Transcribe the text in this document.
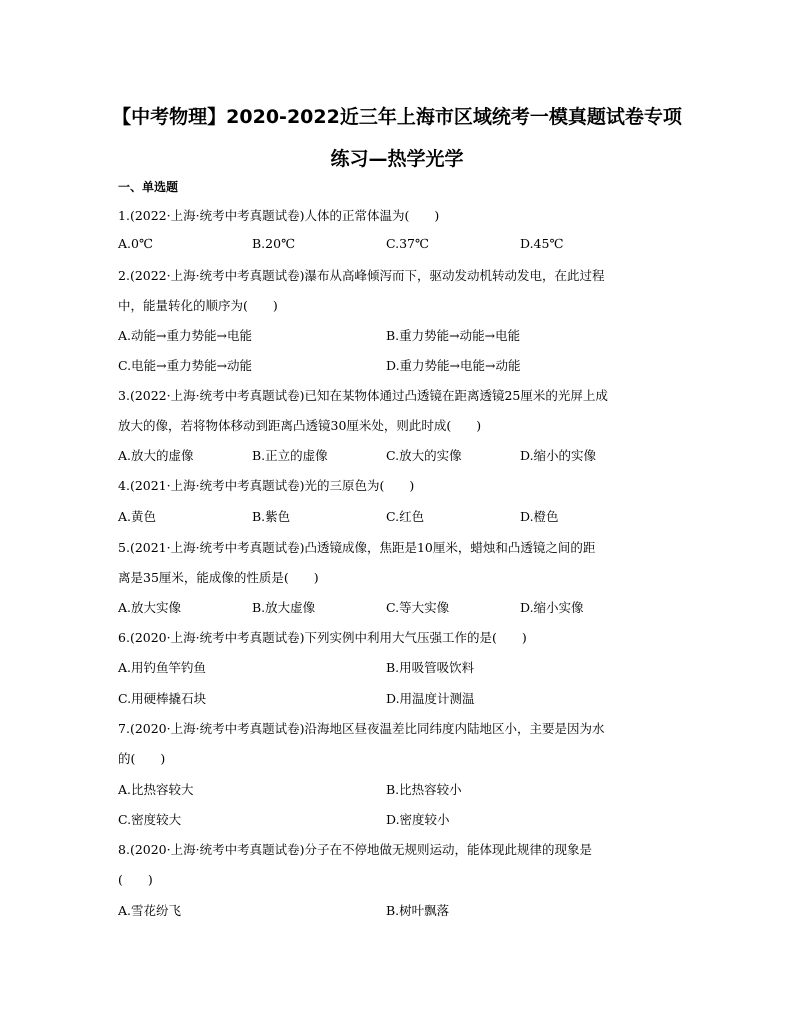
【中考物理】2020-2022近三年上海市区域统考一模真题试卷专项
练习—热学光学
一、单选题
1.(2022·上海·统考中考真题试卷)人体的正常体温为(　　)
A.0℃	B.20℃	C.37℃	D.45℃
2.(2022·上海·统考中考真题试卷)瀑布从高峰倾泻而下，驱动发动机转动发电，在此过程
中，能量转化的顺序为(　　)
A.动能→重力势能→电能	B.重力势能→动能→电能
C.电能→重力势能→动能	D.重力势能→电能→动能
3.(2022·上海·统考中考真题试卷)已知在某物体通过凸透镜在距离透镜25厘米的光屏上成
放大的像，若将物体移动到距离凸透镜30厘米处，则此时成(　　)
A.放大的虚像	B.正立的虚像	C.放大的实像	D.缩小的实像
4.(2021·上海·统考中考真题试卷)光的三原色为(　　)
A.黄色	B.紫色	C.红色	D.橙色
5.(2021·上海·统考中考真题试卷)凸透镜成像，焦距是10厘米，蜡烛和凸透镜之间的距
离是35厘米，能成像的性质是(　　)
A.放大实像	B.放大虚像	C.等大实像	D.缩小实像
6.(2020·上海·统考中考真题试卷)下列实例中利用大气压强工作的是(　　)
A.用钓鱼竿钓鱼	B.用吸管吸饮料
C.用硬棒撬石块	D.用温度计测温
7.(2020·上海·统考中考真题试卷)沿海地区昼夜温差比同纬度内陆地区小，主要是因为水
的(　　)
A.比热容较大	B.比热容较小
C.密度较大	D.密度较小
8.(2020·上海·统考中考真题试卷)分子在不停地做无规则运动，能体现此规律的现象是
(　　)
A.雪花纷飞	B.树叶飘落
